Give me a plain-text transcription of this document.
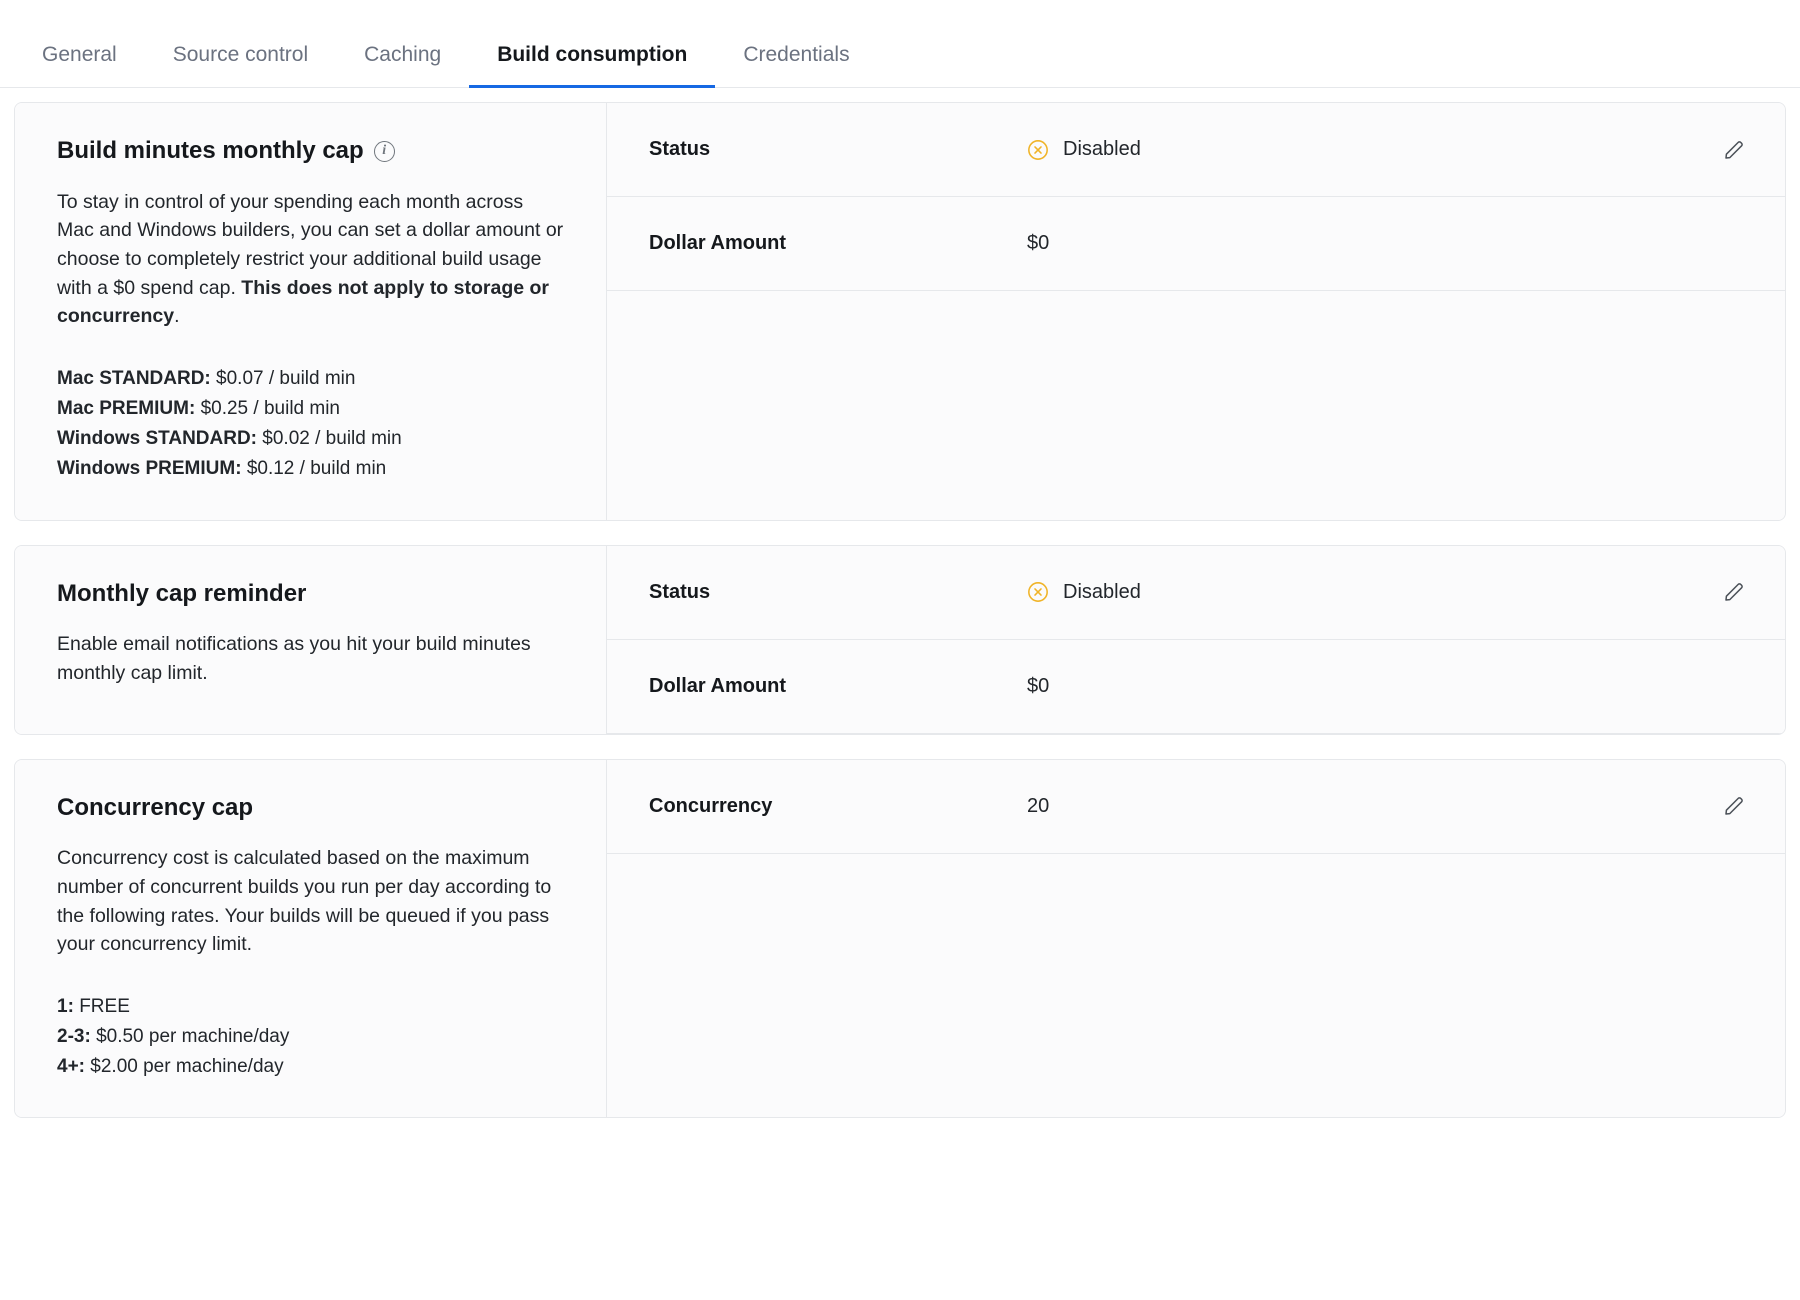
General	Source control	Caching	Build consumption	Credentials
Build minutes monthly cap	i

To stay in control of your spending each month across Mac and Windows builders, you can set a dollar amount or choose to completely restrict your additional build usage with a $0 spend cap. This does not apply to storage or concurrency.

Mac STANDARD: $0.07 / build min
Mac PREMIUM: $0.25 / build min
Windows STANDARD: $0.02 / build min
Windows PREMIUM: $0.12 / build min
Status	Disabled
Dollar Amount	$0
Monthly cap reminder

Enable email notifications as you hit your build minutes monthly cap limit.

Status	Disabled
Dollar Amount	$0
Concurrency cap

Concurrency cost is calculated based on the maximum number of concurrent builds you run per day according to the following rates. Your builds will be queued if you pass your concurrency limit.

1: FREE
2-3: $0.50 per machine/day
4+: $2.00 per machine/day
Concurrency	20
